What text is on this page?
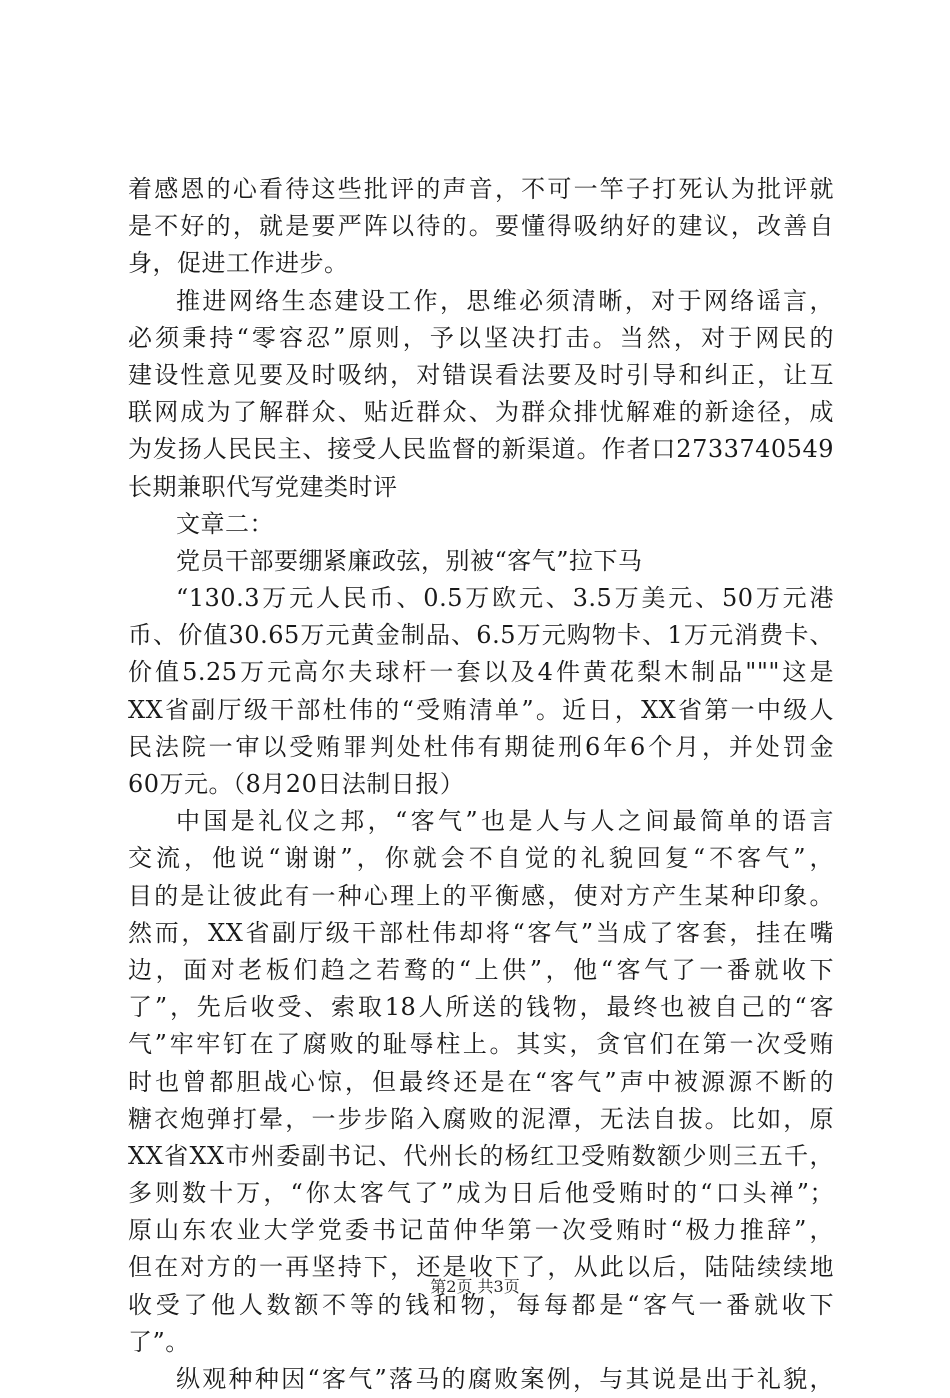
着感恩的心看待这些批评的声音，不可一竿子打死认为批评就
是不好的，就是要严阵以待的。要懂得吸纳好的建议，改善自
身，促进工作进步。
推进网络生态建设工作，思维必须清晰，对于网络谣言，
必须秉持“零容忍”原则，予以坚决打击。当然，对于网民的
建设性意见要及时吸纳，对错误看法要及时引导和纠正，让互
联网成为了解群众、贴近群众、为群众排忧解难的新途径，成
为发扬人民民主、接受人民监督的新渠道。作者口2733740549
长期兼职代写党建类时评
文章二：
党员干部要绷紧廉政弦，别被“客气”拉下马
“130.3万元人民币、0.5万欧元、3.5万美元、50万元港
币、价值30.65万元黄金制品、6.5万元购物卡、1万元消费卡、
价值5.25万元高尔夫球杆一套以及4件黄花梨木制品"""这是
XX省副厅级干部杜伟的“受贿清单”。近日，XX省第一中级人
民法院一审以受贿罪判处杜伟有期徒刑6年6个月，并处罚金
60万元。（8月20日法制日报）
中国是礼仪之邦，“客气”也是人与人之间最简单的语言
交流，他说“谢谢”，你就会不自觉的礼貌回复“不客气”，
目的是让彼此有一种心理上的平衡感，使对方产生某种印象。
然而，XX省副厅级干部杜伟却将“客气”当成了客套，挂在嘴
边，面对老板们趋之若鹜的“上供”，他“客气了一番就收下
了”，先后收受、索取18人所送的钱物，最终也被自己的“客
气”牢牢钉在了腐败的耻辱柱上。其实，贪官们在第一次受贿
时也曾都胆战心惊，但最终还是在“客气”声中被源源不断的
糖衣炮弹打晕，一步步陷入腐败的泥潭，无法自拔。比如，原
XX省XX市州委副书记、代州长的杨红卫受贿数额少则三五千，
多则数十万，“你太客气了”成为日后他受贿时的“口头禅”；
原山东农业大学党委书记苗仲华第一次受贿时“极力推辞”，
但在对方的一再坚持下，还是收下了，从此以后，陆陆续续地
收受了他人数额不等的钱和物，每每都是“客气一番就收下
了”。
纵观种种因“客气”落马的腐败案例，与其说是出于礼貌，
第2页 共3页
